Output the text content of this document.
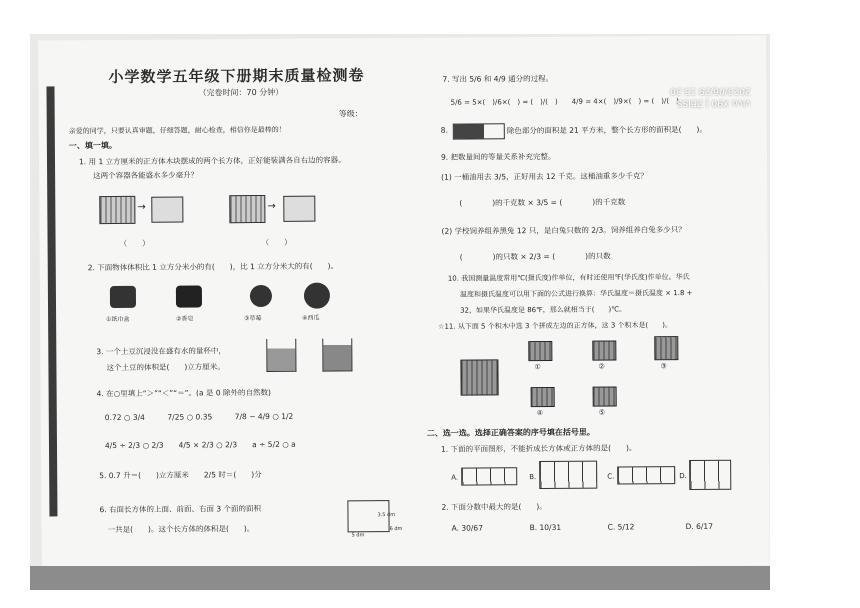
小学数学五年级下册期末质量检测卷
（完卷时间：70 分钟）
等级：
亲爱的同学，只要认真审题，仔细答题，耐心检查，相信你是最棒的！
一、填一填。
1. 用 1 立方厘米的正方体木块摆成的两个长方体，正好能装满各自右边的容器。
这两个容器各能盛水多少毫升？
→	→
（　　）	（　　）
2. 下面物体体积比 1 立方分米小的有(　　)，比 1 立方分米大的有(　　)。
①纸巾盒	②香皂	③草莓	④西瓜
3. 一个土豆沉浸没在盛有水的量杯中，
这个土豆的体积是(　　)立方厘米。
4. 在○里填上“＞”“＜”“＝”。(a 是 0 除外的自然数)
0.72 ○ 3/4　　　7/25 ○ 0.35　　　7/8 − 4/9 ○ 1/2
4/5 ÷ 2/3 ○ 2/3　　4/5 × 2/3 ○ 2/3　　a ÷ 5/2 ○ a
5. 0.7 升＝(　　)立方厘米　　2/5 时＝(　　)分
6. 右面长方体的上面、前面、右面 3 个面的面积
一共是(　　)。这个长方体的体积是(　　)。
5 dm
3.5 dm
6 dm
7. 写出 5/6 和 4/9 通分的过程。
5/6 = 5×(　)/6×(　) = (　)/(　)　　4/9 = 4×(　)/9×(　) = (　)/(　)
8.	除色部分的面积是 21 平方米，整个长方形的面积是(　　)。
9. 把数量间的等量关系补充完整。
(1) 一桶油用去 3/5，正好用去 12 千克。这桶油重多少千克？
(　　　　)的千克数 × 3/5 = (　　　　)的千克数
(2) 学校饲养组养黑兔 12 只，是白兔只数的 2/3。饲养组养白兔多少只？
(　　　　)的只数 × 2/3 = (　　　　)的只数
10. 我国测量温度常用℃(摄氏度)作单位，有时还使用℉(华氏度)作单位。华氏
温度和摄氏温度可以用下面的公式进行换算：华氏温度＝摄氏温度 × 1.8 +
32，如果华氏温度是 86℉，那么就相当于(　　)℃。
☆11. 从下面 5 个积木中选 3 个拼成左边的正方体，这 3 个积木是(　　)。
①	②	③
④	⑤
二、选一选。选择正确答案的序号填在括号里。
1. 下面的平面图形，不能折成长方体或正方体的是(　　)。
A.	B.	C.	D.
2. 下面分数中最大的是(　　)。
A. 30/67	B. 10/31	C. 5/12	D. 6/17
vivo X90 | ZEISS
2023/06/29 15:30
